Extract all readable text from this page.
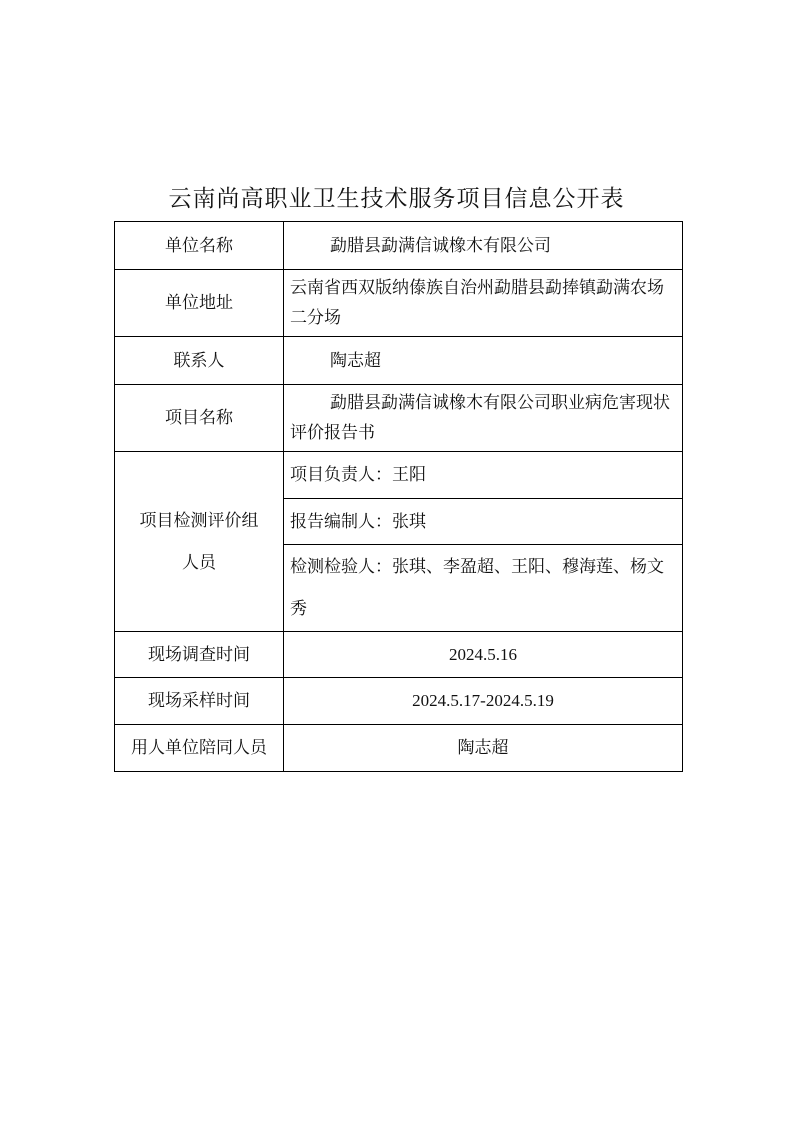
云南尚高职业卫生技术服务项目信息公开表
单位名称	勐腊县勐满信诚橡木有限公司
单位地址	云南省西双版纳傣族自治州勐腊县勐捧镇勐满农场二分场
联系人	陶志超
项目名称	勐腊县勐满信诚橡木有限公司职业病危害现状评价报告书
项目检测评价组人员	项目负责人：王阳
	报告编制人：张琪
	检测检验人：张琪、李盈超、王阳、穆海莲、杨文秀
现场调查时间	2024.5.16
现场采样时间	2024.5.17-2024.5.19
用人单位陪同人员	陶志超
